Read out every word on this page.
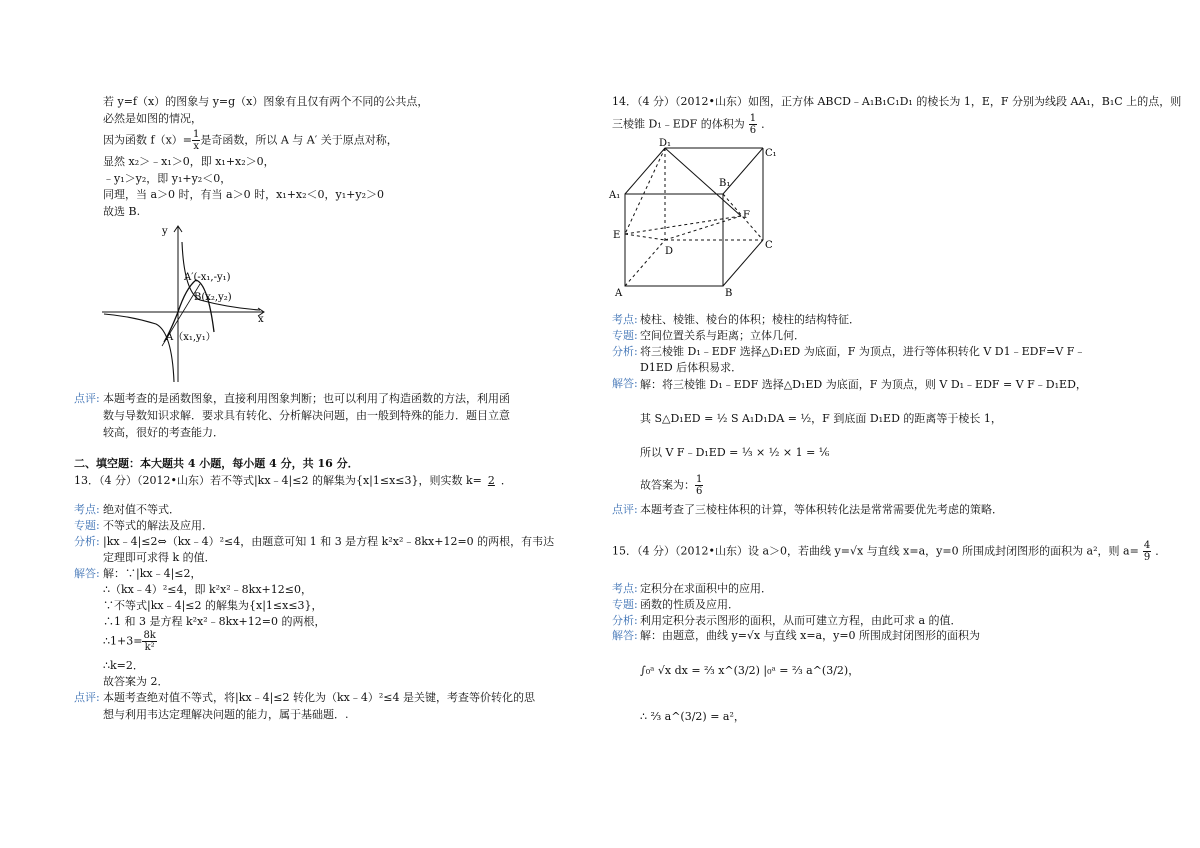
若 y=f（x）的图象与 y=g（x）图象有且仅有两个不同的公共点，
必然是如图的情况，
因为函数 $f(x)= \frac{1}{x}$ 是奇函数，所以 A 与 A′ 关于原点对称，
显然 x₂＞﹣x₁＞0，即 x₁+x₂＞0，
﹣y₁＞y₂，即 y₁+y₂＜0，
同理，当 a＞0 时，有当 a＞0 时，x₁+x₂＜0，y₁+y₂＞0
故选 B.
y
x
A′(-x₁,-y₁)
B(x₂,y₂)
A（x₁,y₁）
点评: 本题考查的是函数图象，直接利用图象判断；也可以利用了构造函数的方法，利用函
数与导数知识求解．要求具有转化、分析解决问题，由一般到特殊的能力．题目立意
较高，很好的考查能力．
二、填空题：本大题共 4 小题，每小题 4 分，共 16 分．
13．（4 分）（2012•山东）若不等式|kx﹣4|≤2 的解集为{x|1≤x≤3}，则实数 k= 2 ．
考点: 绝对值不等式．
专题: 不等式的解法及应用．
分析: |kx﹣4|≤2⇔（kx﹣4）²≤4，由题意可知 1 和 3 是方程 k²x²﹣8kx+12=0 的两根，有韦达
定理即可求得 k 的值．
解答: 解：∵|kx﹣4|≤2，
∴（kx﹣4）²≤4，即 k²x²﹣8kx+12≤0，
∵不等式|kx﹣4|≤2 的解集为{x|1≤x≤3}，
∴1 和 3 是方程 k²x²﹣8kx+12=0 的两根，
∴1+3= $\frac{8k}{\text{k²}}$
∴k=2．
故答案为 2．
点评: 本题考查绝对值不等式，将|kx﹣4|≤2 转化为（kx﹣4）²≤4 是关键，考查等价转化的思
想与利用韦达定理解决问题的能力，属于基础题．.
14．（4 分）（2012•山东）如图，正方体 ABCD﹣A₁B₁C₁D₁ 的棱长为 1，E，F 分别为线段 AA₁，B₁C 上的点，则
三棱锥 D₁﹣EDF 的体积为 $\frac{1}{6}$ ．
D₁
C₁
B₁
A₁
E
F
D
C
A	B
考点: 棱柱、棱锥、棱台的体积；棱柱的结构特征．
专题: 空间位置关系与距离；立体几何．
分析: 将三棱锥 D₁﹣EDF 选择△D₁ED 为底面，F 为顶点，进行等体积转化 V D1﹣EDF=V F﹣
D1ED 后体积易求．
解答: 解：将三棱锥 D₁﹣EDF 选择△D₁ED 为底面，F 为顶点，则 V D₁﹣EDF = V F﹣D₁ED，
其 S△D₁ED = ½ S A₁D₁DA = ½，F 到底面 D₁ED 的距离等于棱长 1，
所以 V F﹣D₁ED = ⅓ × ½ × 1 = ⅙
故答案为： $\frac{1}{6}$
点评: 本题考查了三棱柱体积的计算，等体积转化法是常常需要优先考虑的策略．
15．（4 分）（2012•山东）设 a＞0，若曲线 y=√x 与直线 x=a，y=0 所围成封闭图形的面积为 a²，则 $a= \frac{4}{9}$ ．
考点: 定积分在求面积中的应用．
专题: 函数的性质及应用．
分析: 利用定积分表示图形的面积，从而可建立方程，由此可求 a 的值．
解答: 解：由题意，曲线 y=√x 与直线 x=a，y=0 所围成封闭图形的面积为
∫₀ᵃ √x dx = ⅔ x^(3/2) |₀ᵃ = ⅔ a^(3/2)，
∴ ⅔ a^(3/2) = a²，
